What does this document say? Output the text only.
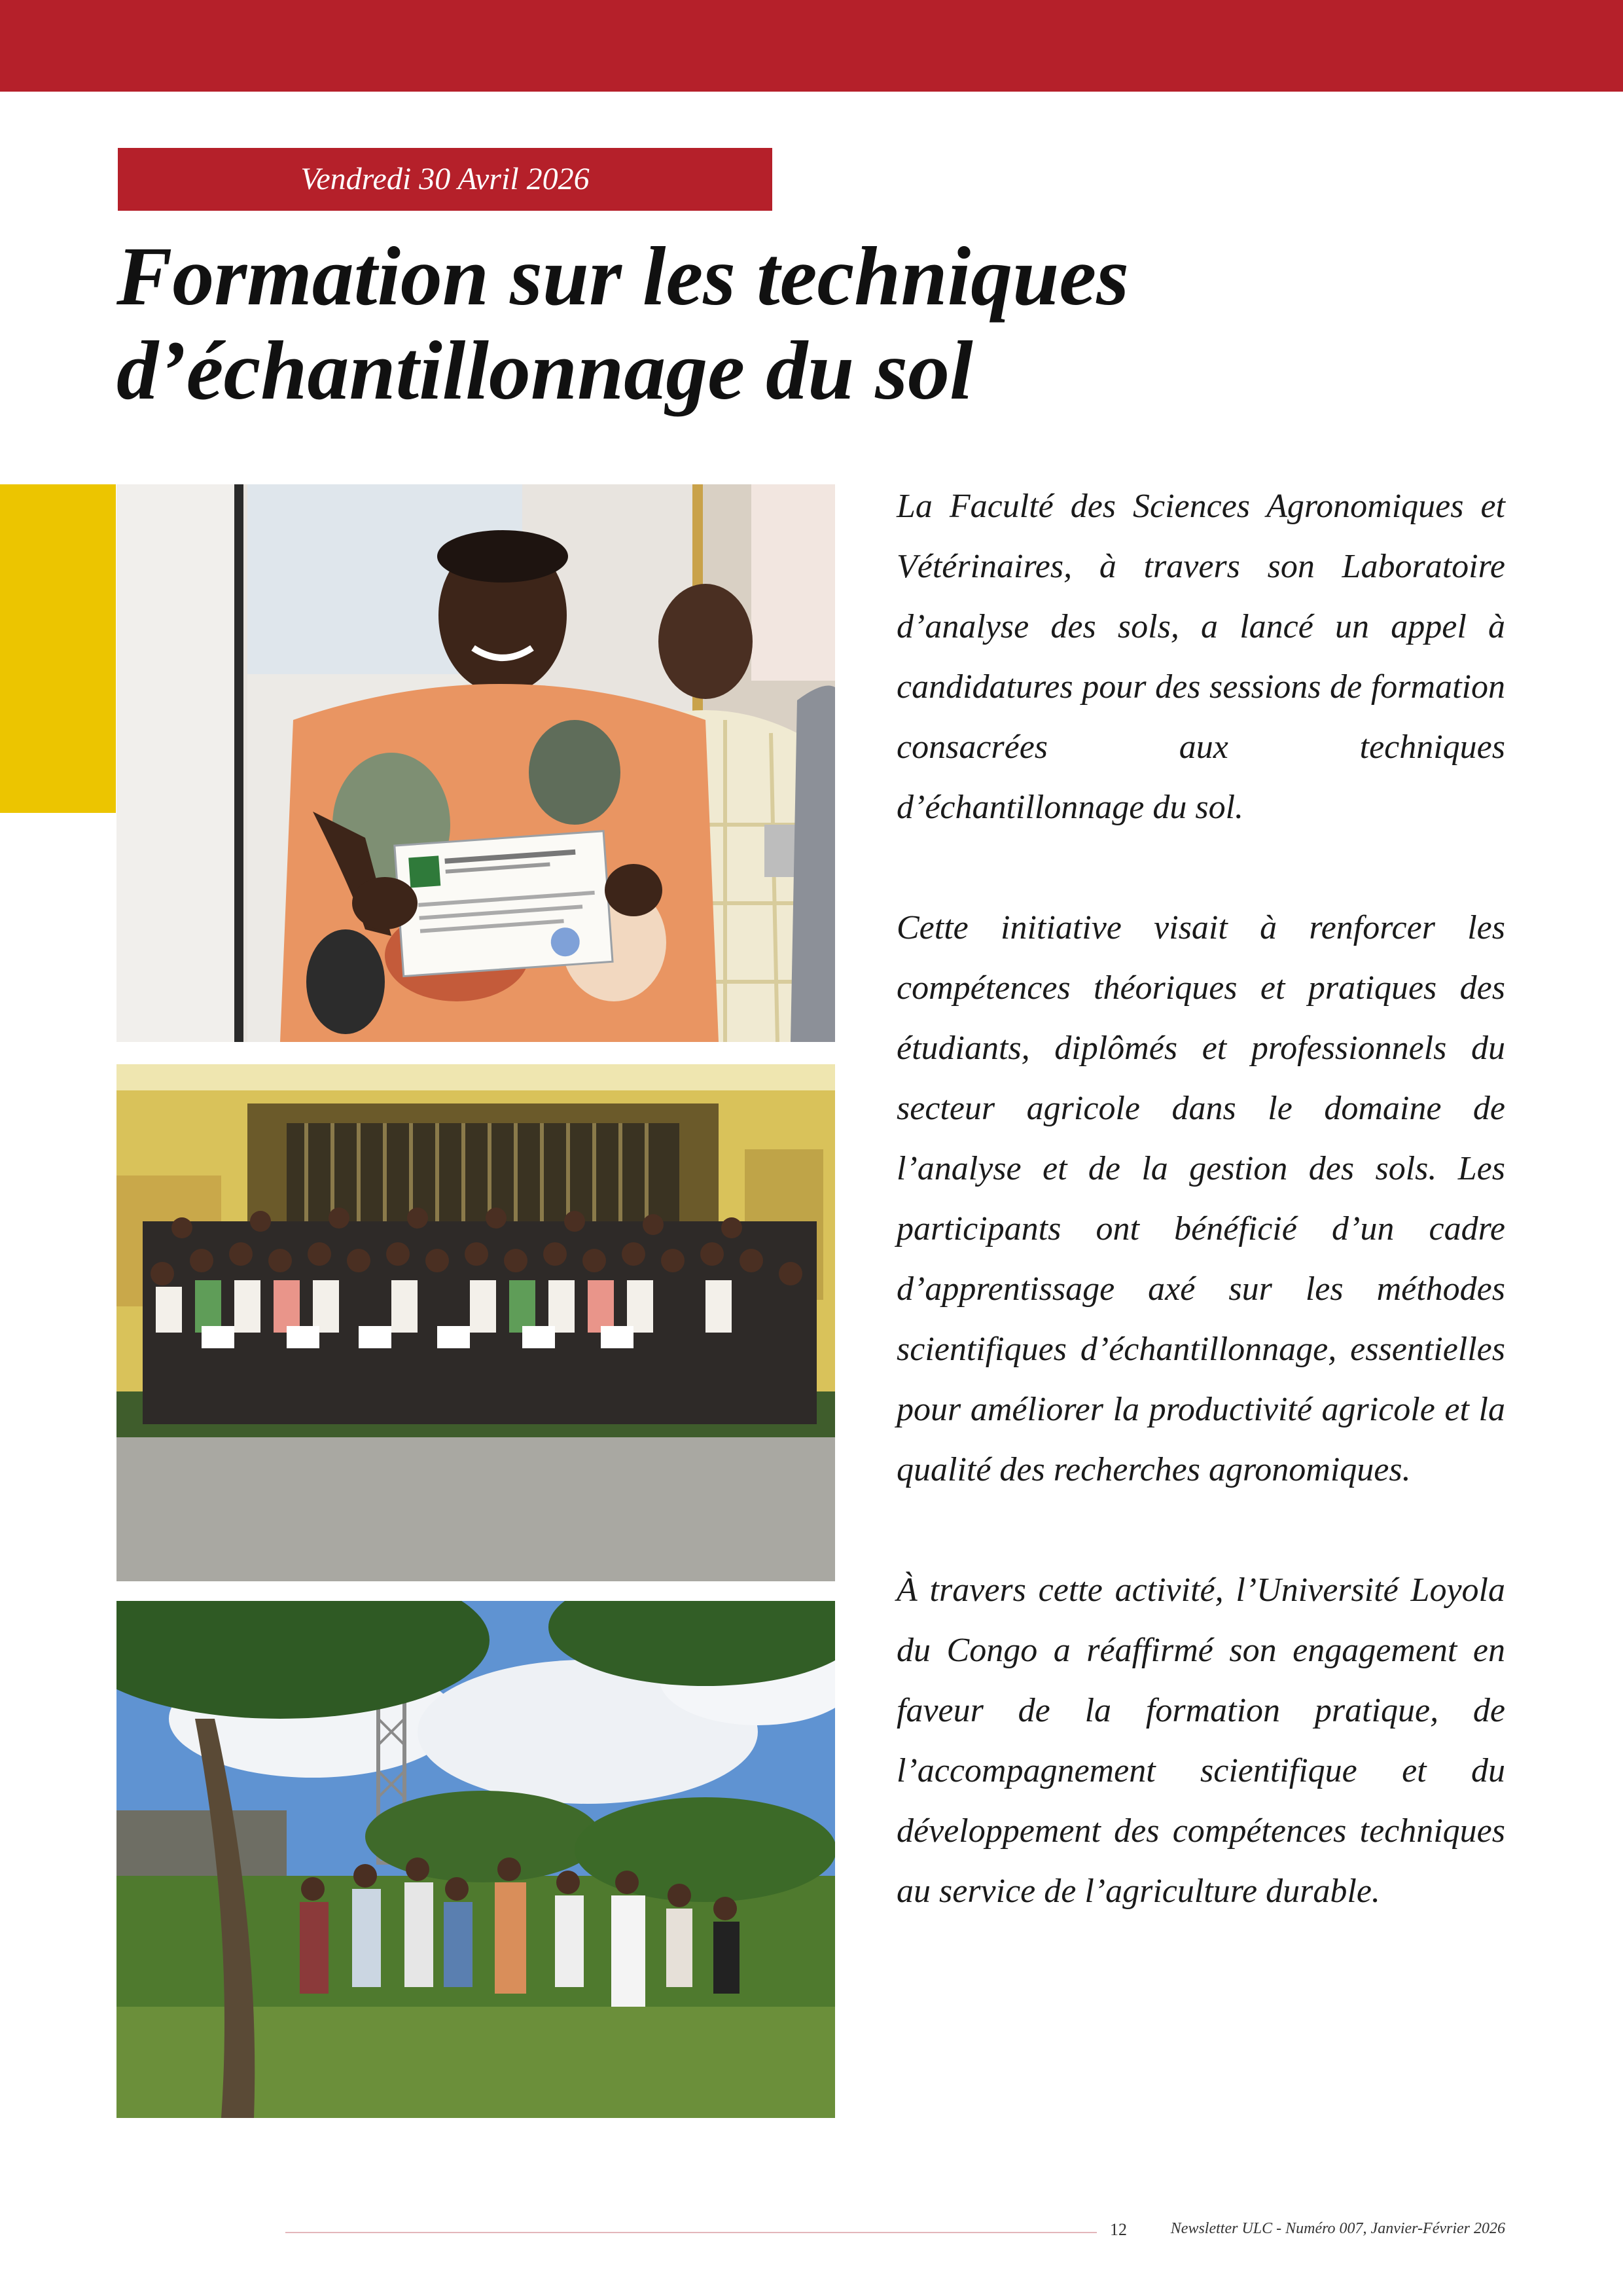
Vendredi 30 Avril 2026
Formation sur les techniques
d’échantillonnage du sol

La Faculté des Sciences Agronomiques et Vétérinaires, à travers son Laboratoire d’analyse des sols, a lancé un appel à candidatures pour des sessions de formation consacrées aux techniques d’échantillonnage du sol.

Cette initiative visait à renforcer les compétences théoriques et pratiques des étudiants, diplômés et professionnels du secteur agricole dans le domaine de l’analyse et de la gestion des sols. Les participants ont bénéficié d’un cadre d’apprentissage axé sur les méthodes scientifiques d’échantillonnage, essentielles pour améliorer la productivité agricole et la qualité des recherches agronomiques.

À travers cette activité, l’Université Loyola du Congo a réaffirmé son engagement en faveur de la formation pratique, de l’accompagnement scientifique et du développement des compétences techniques au service de l’agriculture durable.

12	Newsletter ULC - Numéro 007, Janvier-Février 2026
